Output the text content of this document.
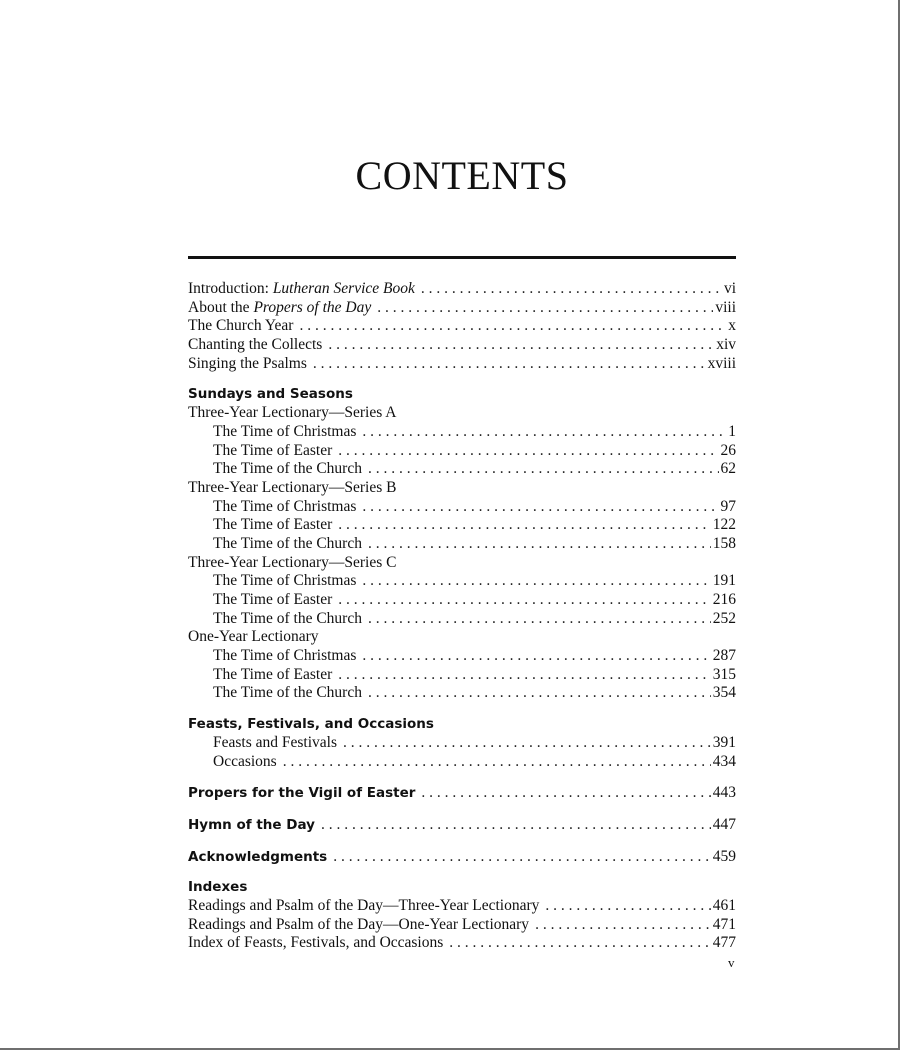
CONTENTS
Introduction: Lutheran Service Book . . .	vi
About the Propers of the Day . . .	viii
The Church Year . . .	x
Chanting the Collects . . .	xiv
Singing the Psalms . . .	xviii
Sundays and Seasons
Three-Year Lectionary—Series A
The Time of Christmas . . .	1
The Time of Easter . . .	26
The Time of the Church . . .	62
Three-Year Lectionary—Series B
The Time of Christmas . . .	97
The Time of Easter . . .	122
The Time of the Church . . .	158
Three-Year Lectionary—Series C
The Time of Christmas . . .	191
The Time of Easter . . .	216
The Time of the Church . . .	252
One-Year Lectionary
The Time of Christmas . . .	287
The Time of Easter . . .	315
The Time of the Church . . .	354
Feasts, Festivals, and Occasions
Feasts and Festivals . . .	391
Occasions . . .	434
Propers for the Vigil of Easter . . .	443
Hymn of the Day . . .	447
Acknowledgments . . .	459
Indexes
Readings and Psalm of the Day—Three-Year Lectionary . . .	461
Readings and Psalm of the Day—One-Year Lectionary . . .	471
Index of Feasts, Festivals, and Occasions . . .	477
v
